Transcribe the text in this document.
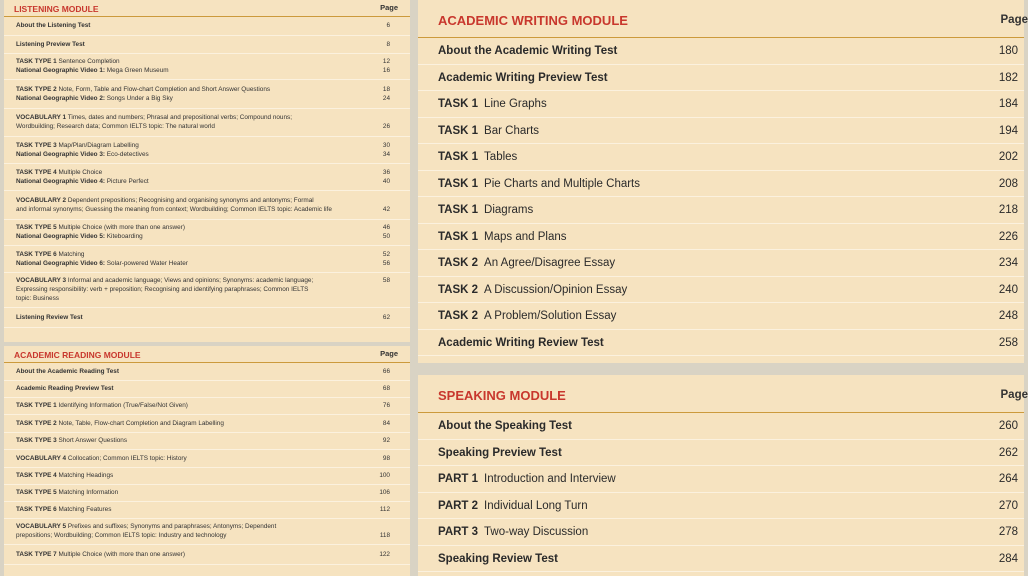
LISTENING MODULE	Page
About the Listening Test	6
Listening Preview Test	8
TASK TYPE 1 Sentence Completion	12
National Geographic Video 1: Mega Green Museum	16
TASK TYPE 2 Note, Form, Table and Flow-chart Completion and Short Answer Questions	18
National Geographic Video 2: Songs Under a Big Sky	24
VOCABULARY 1 Times, dates and numbers; Phrasal and prepositional verbs; Compound nouns;
Wordbuilding; Research data; Common IELTS topic: The natural world	26
TASK TYPE 3 Map/Plan/Diagram Labelling	30
National Geographic Video 3: Eco-detectives	34
TASK TYPE 4 Multiple Choice	36
National Geographic Video 4: Picture Perfect	40
VOCABULARY 2 Dependent prepositions; Recognising and organising synonyms and antonyms; Formal
and informal synonyms; Guessing the meaning from context; Wordbuilding; Common IELTS topic: Academic life	42
TASK TYPE 5 Multiple Choice (with more than one answer)	46
National Geographic Video 5: Kiteboarding	50
TASK TYPE 6 Matching	52
National Geographic Video 6: Solar-powered Water Heater	56
VOCABULARY 3 Informal and academic language; Views and opinions; Synonyms: academic language;	58
Expressing responsibility: verb + preposition; Recognising and identifying paraphrases; Common IELTS
topic: Business
Listening Review Test	62
ACADEMIC READING MODULE	Page
About the Academic Reading Test	66
Academic Reading Preview Test	68
TASK TYPE 1 Identifying Information (True/False/Not Given)	76
TASK TYPE 2 Note, Table, Flow-chart Completion and Diagram Labelling	84
TASK TYPE 3 Short Answer Questions	92
VOCABULARY 4 Collocation; Common IELTS topic: History	98
TASK TYPE 4 Matching Headings	100
TASK TYPE 5 Matching Information	106
TASK TYPE 6 Matching Features	112
VOCABULARY 5 Prefixes and suffixes; Synonyms and paraphrases; Antonyms; Dependent
prepositions; Wordbuilding; Common IELTS topic: Industry and technology	118
TASK TYPE 7 Multiple Choice (with more than one answer)	122
ACADEMIC WRITING MODULE	Page
About the Academic Writing Test	180
Academic Writing Preview Test	182
TASK 1 Line Graphs	184
TASK 1 Bar Charts	194
TASK 1 Tables	202
TASK 1 Pie Charts and Multiple Charts	208
TASK 1 Diagrams	218
TASK 1 Maps and Plans	226
TASK 2 An Agree/Disagree Essay	234
TASK 2 A Discussion/Opinion Essay	240
TASK 2 A Problem/Solution Essay	248
Academic Writing Review Test	258
SPEAKING MODULE	Page
About the Speaking Test	260
Speaking Preview Test	262
PART 1 Introduction and Interview	264
PART 2 Individual Long Turn	270
PART 3 Two-way Discussion	278
Speaking Review Test	284
